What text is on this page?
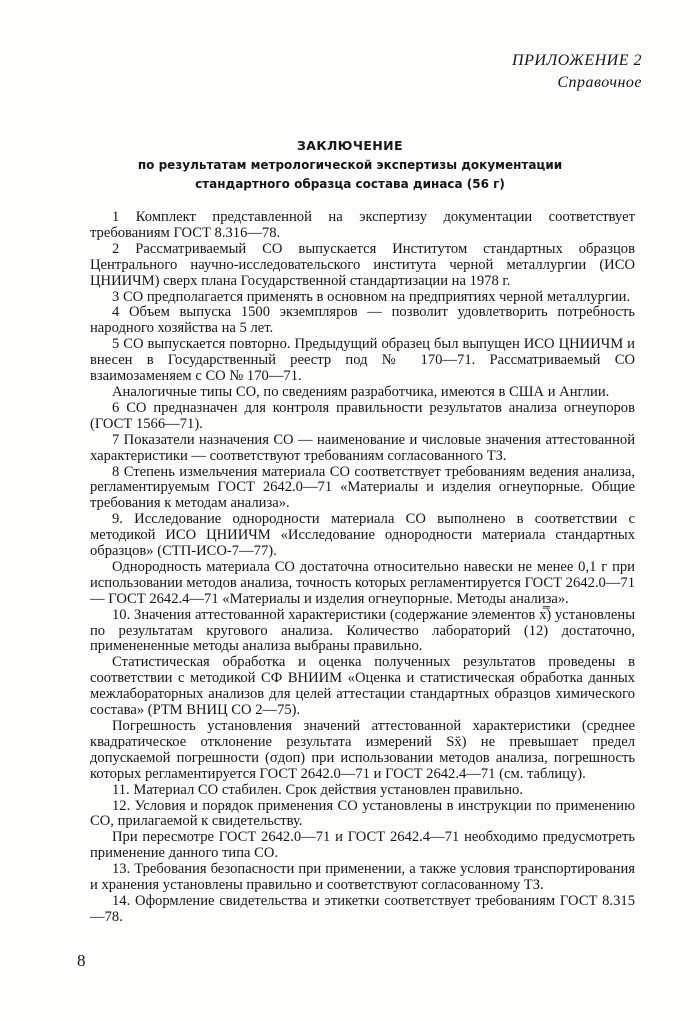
ПРИЛОЖЕНИЕ 2
Справочное
ЗАКЛЮЧЕНИЕ
по результатам метрологической экспертизы документации
стандартного образца состава динаса (56 г)

1 Комплект представленной на экспертизу документации соответствует требованиям ГОСТ 8.316—78.

2 Рассматриваемый СО выпускается Институтом стандартных образцов Центрального научно-исследовательского института черной металлургии (ИСО ЦНИИЧМ) сверх плана Государственной стандартизации на 1978 г.

3 СО предполагается применять в основном на предприятиях черной металлургии.

4 Объем выпуска 1500 экземпляров — позволит удовлетворить потребность народного хозяйства на 5 лет.

5 СО выпускается повторно. Предыдущий образец был выпущен ИСО ЦНИИЧМ и внесен в Государственный реестр под № 170—71. Рассматриваемый СО взаимозаменяем с СО № 170—71.

Аналогичные типы СО, по сведениям разработчика, имеются в США и Англии.

6 СО предназначен для контроля правильности результатов анализа огнеупоров (ГОСТ 1566—71).

7 Показатели назначения СО — наименование и числовые значения аттестованной характеристики — соответствуют требованиям согласованного ТЗ.

8 Степень измельчения материала СО соответствует требованиям ведения анализа, регламентируемым ГОСТ 2642.0—71 «Материалы и изделия огнеупорные. Общие требования к методам анализа».

9. Исследование однородности материала СО выполнено в соответствии с методикой ИСО ЦНИИЧМ «Исследование однородности материала стандартных образцов» (СТП-ИСО-7—77).

Однородность материала СО достаточна относительно навески не менее 0,1 г при использовании методов анализа, точность которых регламентируется ГОСТ 2642.0—71 — ГОСТ 2642.4—71 «Материалы и изделия огнеупорные. Методы анализа».

10. Значения аттестованной характеристики (содержание элементов x̿) установлены по результатам кругового анализа. Количество лабораторий (12) достаточно, применененные методы анализа выбраны правильно.

Статистическая обработка и оценка полученных результатов проведены в соответствии с методикой СФ ВНИИМ «Оценка и статистическая обработка данных межлабораторных анализов для целей аттестации стандартных образцов химического состава» (РТМ ВНИЦ СО 2—75).

Погрешность установления значений аттестованной характеристики (среднее квадратическое отклонение результата измерений Sx̄) не превышает предел допускаемой погрешности (σдоп) при использовании методов анализа, погрешность которых регламентируется ГОСТ 2642.0—71 и ГОСТ 2642.4—71 (см. таблицу).

11. Материал СО стабилен. Срок действия установлен правильно.

12. Условия и порядок применения СО установлены в инструкции по применению СО, прилагаемой к свидетельству.

При пересмотре ГОСТ 2642.0—71 и ГОСТ 2642.4—71 необходимо предусмотреть применение данного типа СО.

13. Требования безопасности при применении, а также условия транспортирования и хранения установлены правильно и соответствуют согласованному ТЗ.

14. Оформление свидетельства и этикетки соответствует требованиям ГОСТ 8.315—78.

8
